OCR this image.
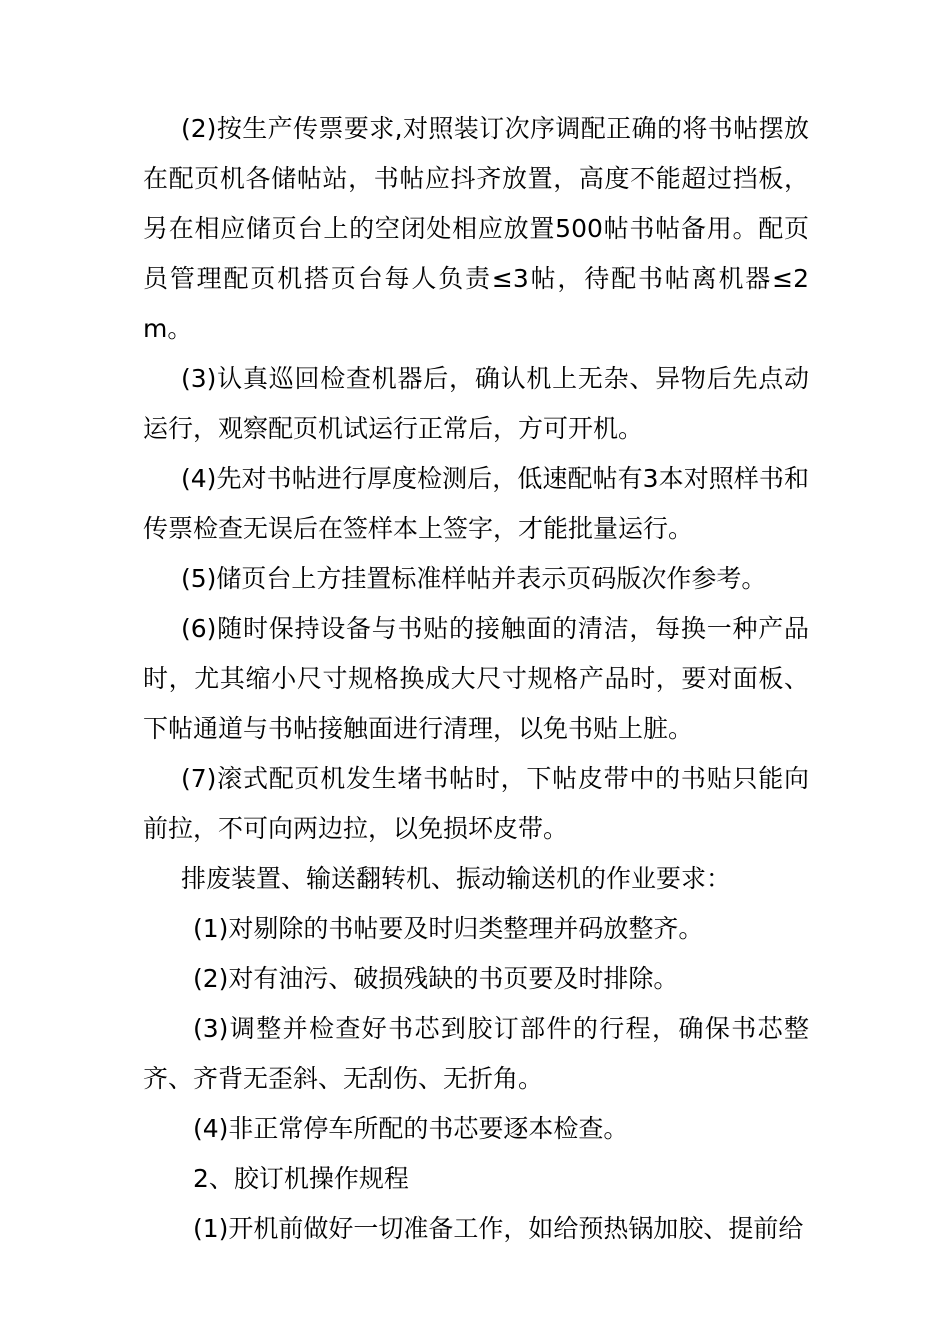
(2)按生产传票要求,对照装订次序调配正确的将书帖摆放在配页机各储帖站，书帖应抖齐放置，高度不能超过挡板，另在相应储页台上的空闭处相应放置500帖书帖备用。配页员管理配页机搭页台每人负责≤3帖，待配书帖离机器≤2m。

(3)认真巡回检查机器后，确认机上无杂、异物后先点动运行，观察配页机试运行正常后，方可开机。

(4)先对书帖进行厚度检测后，低速配帖有3本对照样书和传票检查无误后在签样本上签字，才能批量运行。

(5)储页台上方挂置标准样帖并表示页码版次作参考。

(6)随时保持设备与书贴的接触面的清洁，每换一种产品时，尤其缩小尺寸规格换成大尺寸规格产品时，要对面板、下帖通道与书帖接触面进行清理，以免书贴上脏。

(7)滚式配页机发生堵书帖时，下帖皮带中的书贴只能向前拉，不可向两边拉，以免损坏皮带。

排废装置、输送翻转机、振动输送机的作业要求：

(1)对剔除的书帖要及时归类整理并码放整齐。

(2)对有油污、破损残缺的书页要及时排除。

(3)调整并检查好书芯到胶订部件的行程，确保书芯整齐、齐背无歪斜、无刮伤、无折角。

(4)非正常停车所配的书芯要逐本检查。

2、胶订机操作规程

(1)开机前做好一切准备工作，如给预热锅加胶、提前给
